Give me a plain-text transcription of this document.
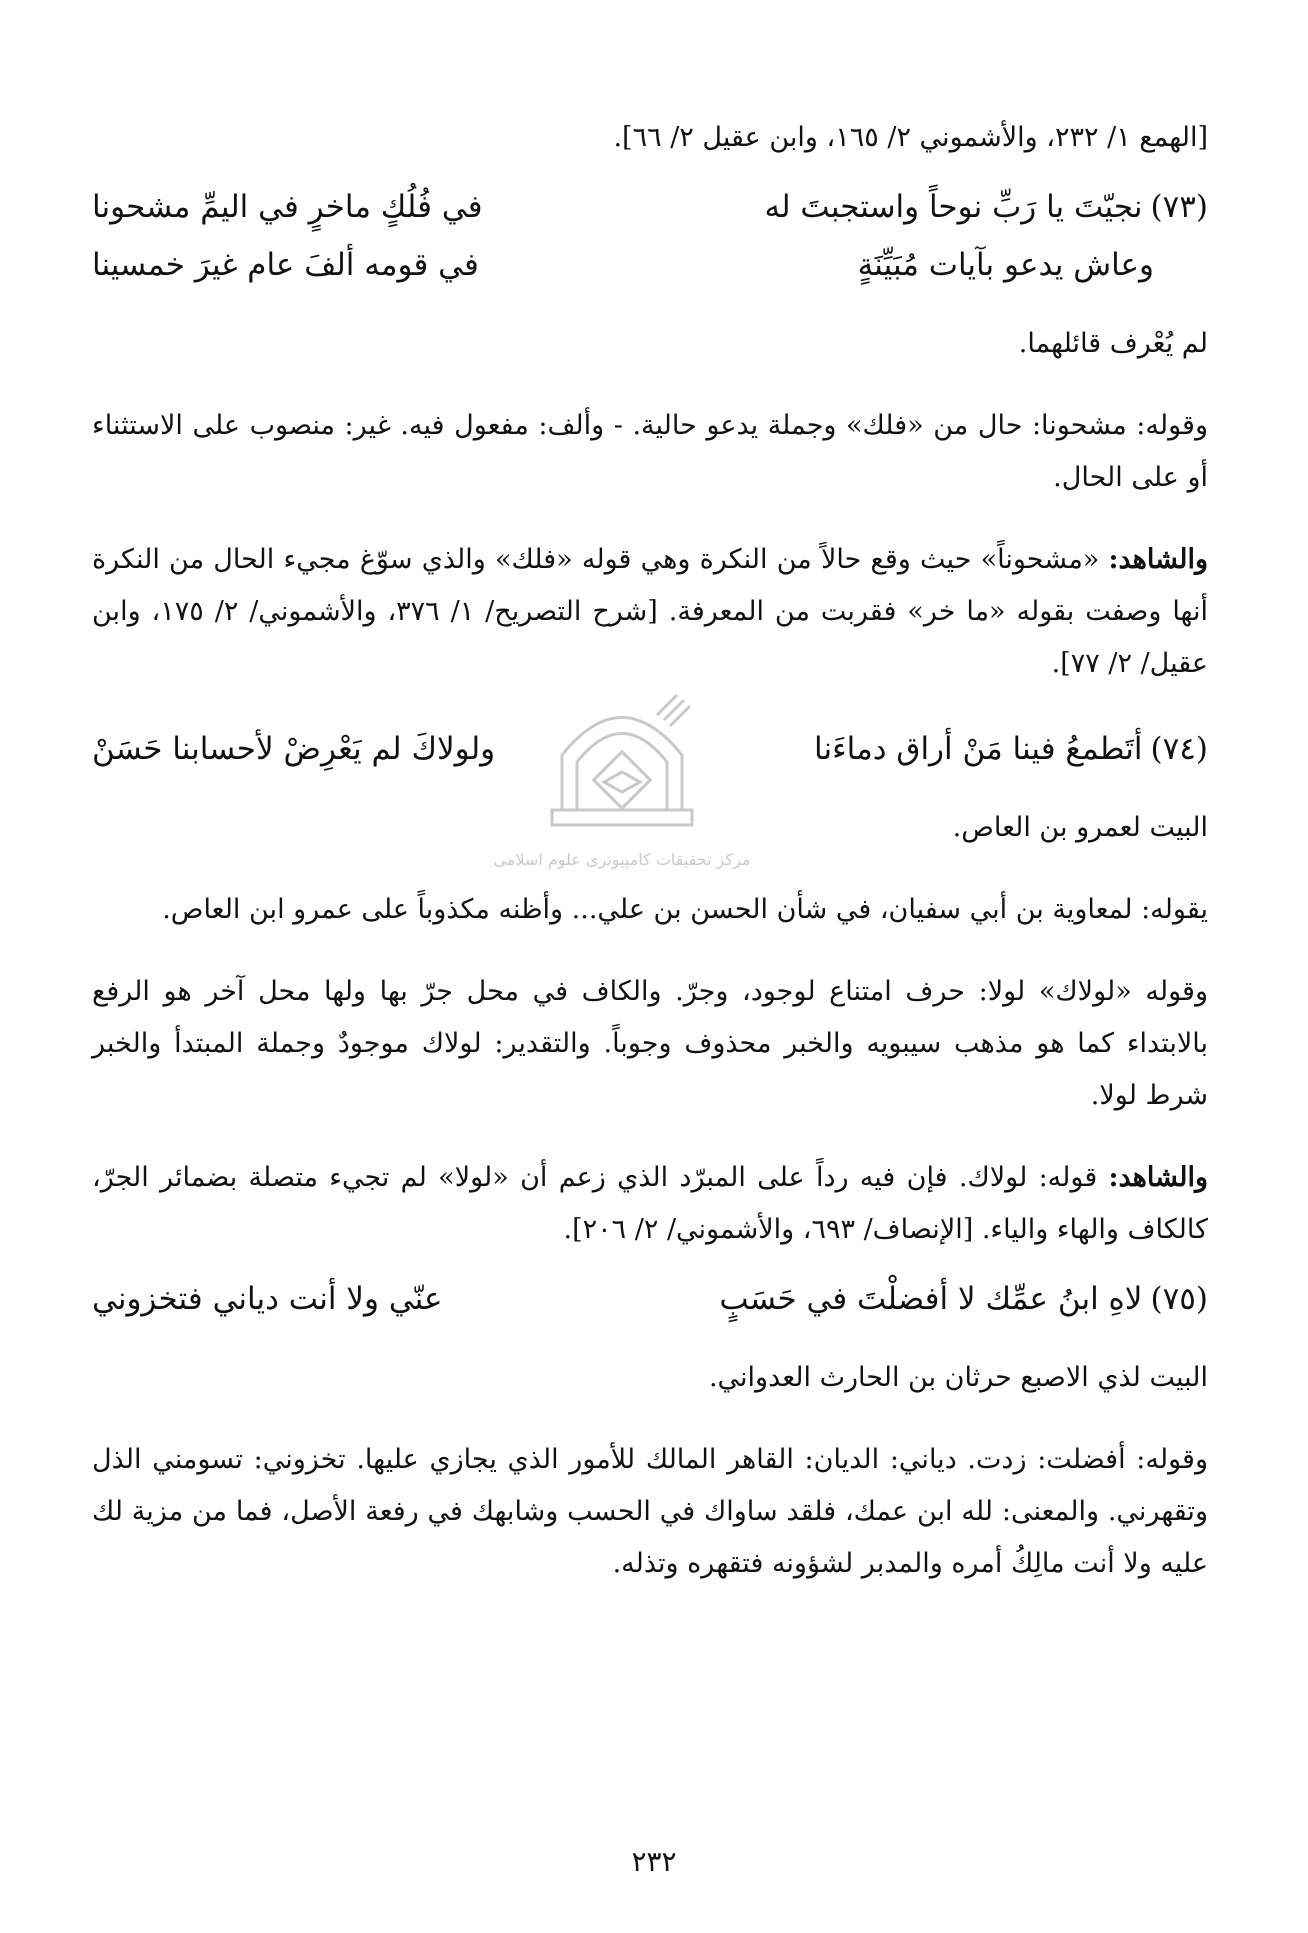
[الهمع ١/ ٢٣٢، والأشموني ٢/ ١٦٥، وابن عقيل ٢/ ٦٦].

(٧٣)نجيّتَ يا رَبِّ نوحاً واستجبتَ له
في فُلُكٍ ماخرٍ في اليمِّ مشحونا
وعاش يدعو بآيات مُبَيِّنَةٍ
في قومه ألفَ عام غيرَ خمسينا

لم يُعْرف قائلهما.

وقوله: مشحونا: حال من «فلك» وجملة يدعو حالية. - وألف: مفعول فيه. غير: منصوب على الاستثناء أو على الحال.

والشاهد: «مشحوناً» حيث وقع حالاً من النكرة وهي قوله «فلك» والذي سوّغ مجيء الحال من النكرة أنها وصفت بقوله «ما خر» فقربت من المعرفة. [شرح التصريح/ ١/ ٣٧٦، والأشموني/ ٢/ ١٧٥، وابن عقيل/ ٢/ ٧٧].

(٧٤)أتَطمعُ فينا مَنْ أراق دماءَنا
ولولاكَ لم يَعْرِضْ لأحسابنا حَسَنْ

البيت لعمرو بن العاص.

يقوله: لمعاوية بن أبي سفيان، في شأن الحسن بن علي... وأظنه مكذوباً على عمرو ابن العاص.

وقوله «لولاك» لولا: حرف امتناع لوجود، وجرّ. والكاف في محل جرّ بها ولها محل آخر هو الرفع بالابتداء كما هو مذهب سيبويه والخبر محذوف وجوباً. والتقدير: لولاك موجودٌ وجملة المبتدأ والخبر شرط لولا.

والشاهد: قوله: لولاك. فإن فيه رداً على المبرّد الذي زعم أن «لولا» لم تجيء متصلة بضمائر الجرّ، كالكاف والهاء والياء. [الإنصاف/ ٦٩٣، والأشموني/ ٢/ ٢٠٦].

(٧٥)لاهِ ابنُ عمِّك لا أفضلْتَ في حَسَبٍ
عنّي ولا أنت دياني فتخزوني

البيت لذي الاصبع حرثان بن الحارث العدواني.

وقوله: أفضلت: زدت. دياني: الديان: القاهر المالك للأمور الذي يجازي عليها. تخزوني: تسومني الذل وتقهرني. والمعنى: لله ابن عمك، فلقد ساواك في الحسب وشابهك في رفعة الأصل، فما من مزية لك عليه ولا أنت مالِكُ أمره والمدبر لشؤونه فتقهره وتذله.

مركز تحقيقات كامپيوتری علوم اسلامی
٢٣٢
